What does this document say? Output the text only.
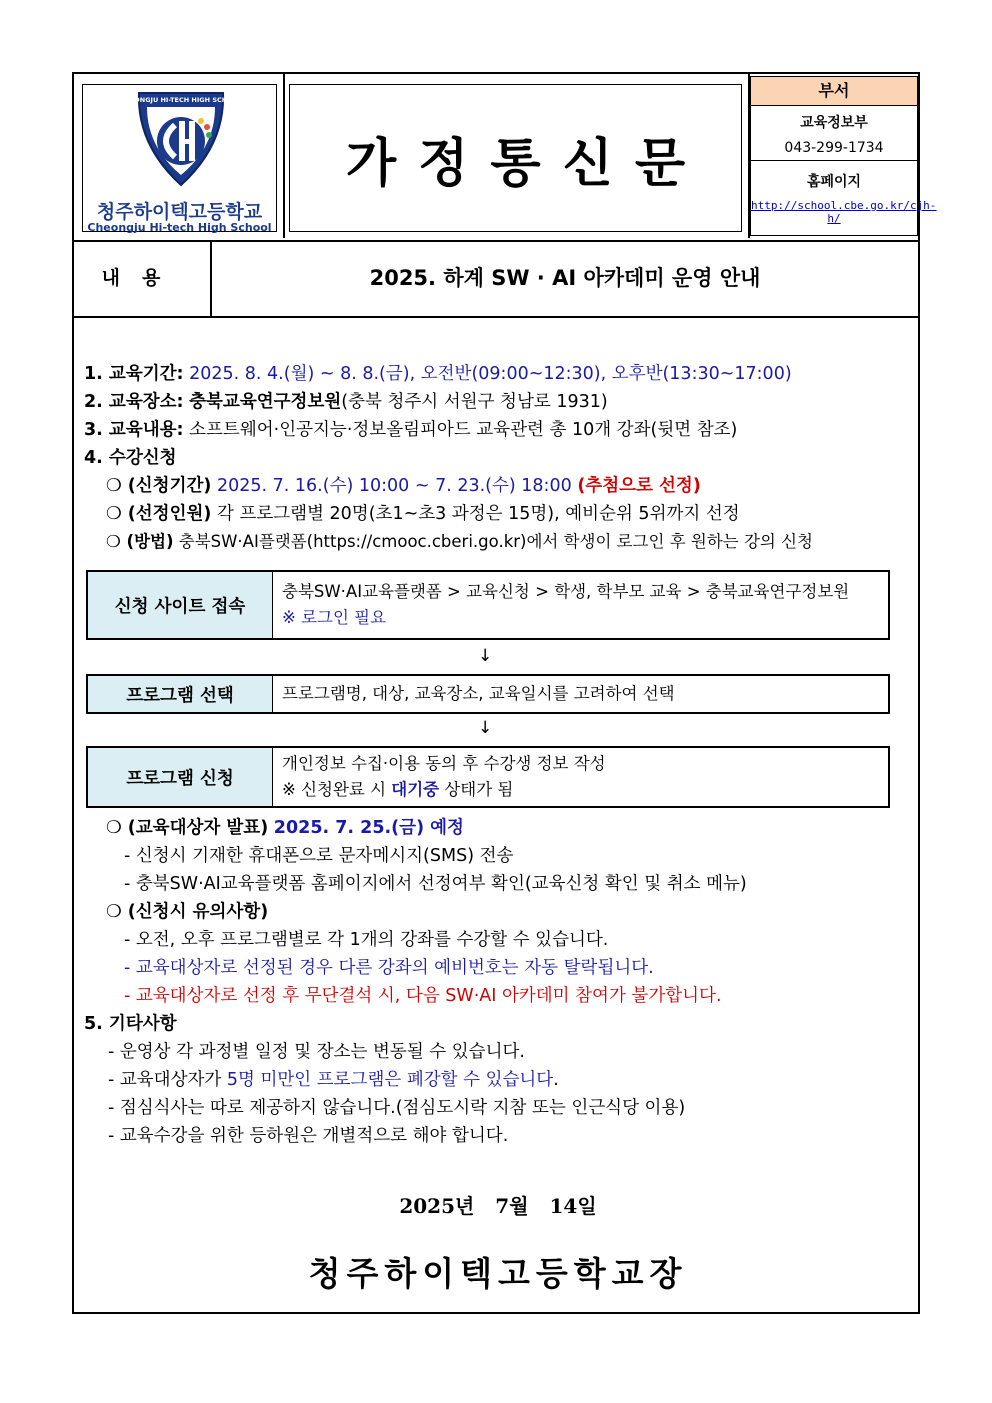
CHEONGJU HI-TECH HIGH SCHOOL
청주하이텍고등학교
Cheongju Hi-tech High School
가정통신문
부서
교육정보부
043-299-1734
홈페이지
http://school.cbe.go.kr/cjh-h/
내용	2025. 하계 SW · AI 아카데미 운영 안내
1. 교육기간: 2025. 8. 4.(월) ~ 8. 8.(금), 오전반(09:00~12:30), 오후반(13:30~17:00)
2. 교육장소: 충북교육연구정보원(충북 청주시 서원구 청남로 1931)
3. 교육내용: 소프트웨어·인공지능·정보올림피아드 교육관련 총 10개 강좌(뒷면 참조)
4. 수강신청
❍ (신청기간) 2025. 7. 16.(수) 10:00 ~ 7. 23.(수) 18:00 (추첨으로 선정)
❍ (선정인원) 각 프로그램별 20명(초1~초3 과정은 15명), 예비순위 5위까지 선정
❍ (방법) 충북SW·AI플랫폼(https://cmooc.cberi.go.kr)에서 학생이 로그인 후 원하는 강의 신청
신청 사이트 접속
충북SW·AI교육플랫폼 > 교육신청 > 학생, 학부모 교육 > 충북교육연구정보원
※ 로그인 필요
↓
프로그램 선택	프로그램명, 대상, 교육장소, 교육일시를 고려하여 선택
↓
프로그램 신청
개인정보 수집·이용 동의 후 수강생 정보 작성
※ 신청완료 시 대기중 상태가 됨
❍ (교육대상자 발표) 2025. 7. 25.(금) 예정
- 신청시 기재한 휴대폰으로 문자메시지(SMS) 전송
- 충북SW·AI교육플랫폼 홈페이지에서 선정여부 확인(교육신청 확인 및 취소 메뉴)
❍ (신청시 유의사항)
- 오전, 오후 프로그램별로 각 1개의 강좌를 수강할 수 있습니다.
- 교육대상자로 선정된 경우 다른 강좌의 예비번호는 자동 탈락됩니다.
- 교육대상자로 선정 후 무단결석 시, 다음 SW·AI 아카데미 참여가 불가합니다.
5. 기타사항
- 운영상 각 과정별 일정 및 장소는 변동될 수 있습니다.
- 교육대상자가 5명 미만인 프로그램은 폐강할 수 있습니다.
- 점심식사는 따로 제공하지 않습니다.(점심도시락 지참 또는 인근식당 이용)
- 교육수강을 위한 등하원은 개별적으로 해야 합니다.
2025년 7월 14일
청주하이텍고등학교장
